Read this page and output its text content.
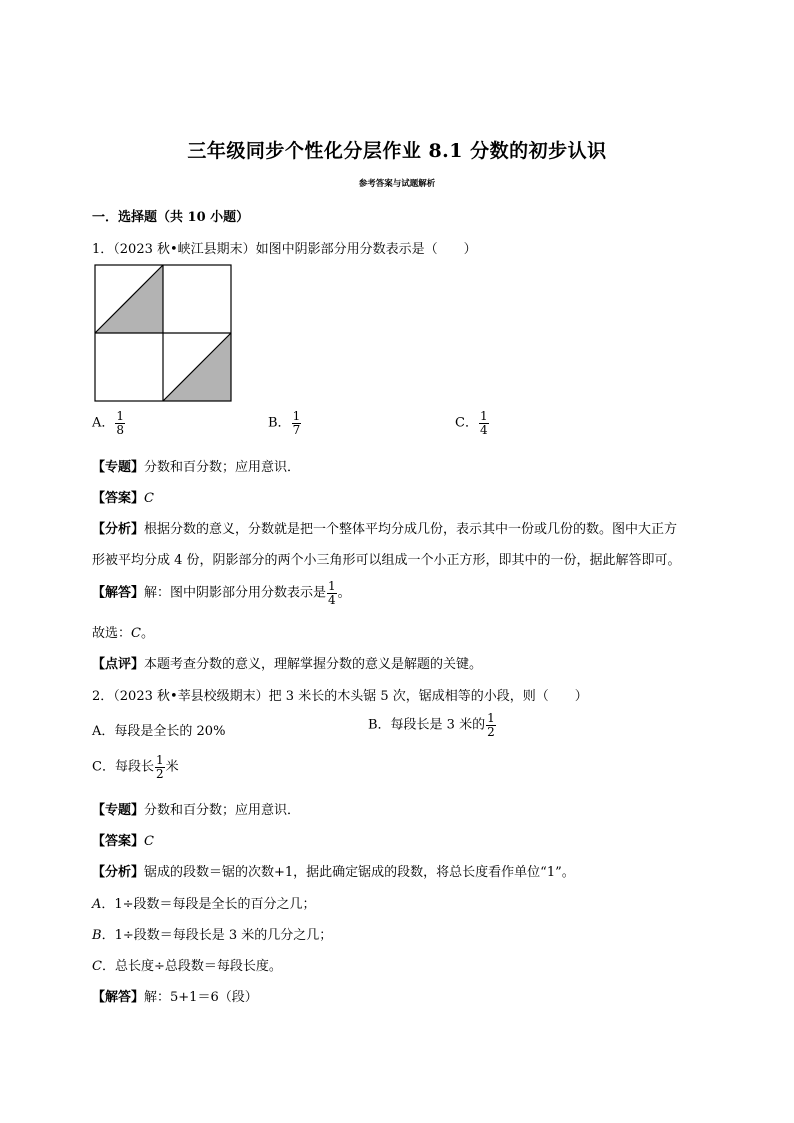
三年级同步个性化分层作业 8.1 分数的初步认识
参考答案与试题解析
一．选择题（共 10 小题）
1．（2023 秋•峡江县期末）如图中阴影部分用分数表示是（　　）
A． $\frac{1}{8}$	B． $\frac{1}{7}$	C． $\frac{1}{4}$
【专题】分数和百分数；应用意识．
【答案】C
【分析】根据分数的意义，分数就是把一个整体平均分成几份，表示其中一份或几份的数。图中大正方
形被平均分成 4 份，阴影部分的两个小三角形可以组成一个小正方形，即其中的一份，据此解答即可。
【解答】解：图中阴影部分用分数表示是 $\frac{1}{4}$ 。
故选：C。
【点评】本题考查分数的意义，理解掌握分数的意义是解题的关键。
2．（2023 秋•莘县校级期末）把 3 米长的木头锯 5 次，锯成相等的小段，则（　　）
A．每段是全长的 20%	B．每段长是 3 米的 $\frac{1}{2}$
C．每段长 $\frac{1}{2}$ 米
【专题】分数和百分数；应用意识．
【答案】C
【分析】锯成的段数＝锯的次数+1，据此确定锯成的段数，将总长度看作单位“1”。
A．1÷段数＝每段是全长的百分之几；
B．1÷段数＝每段长是 3 米的几分之几；
C．总长度÷总段数＝每段长度。
【解答】解：5+1＝6（段）
